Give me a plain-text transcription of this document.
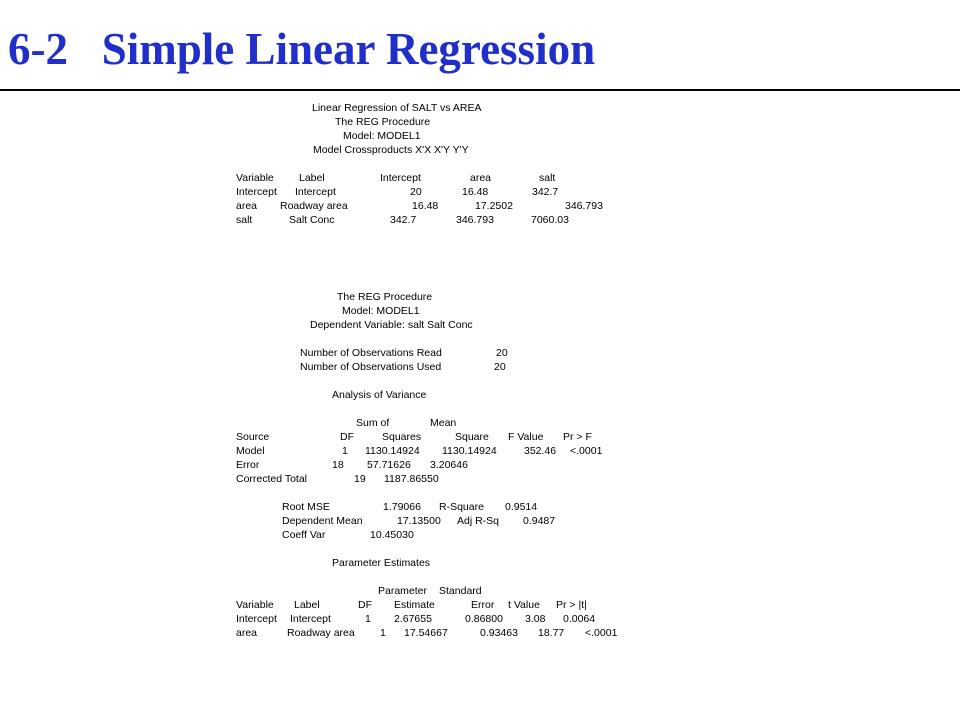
6-2 Simple Linear Regression
Linear Regression of SALT vs AREA
The REG Procedure
Model: MODEL1
Model Crossproducts X'X X'Y Y'Y
Variable Label	Intercept	area	salt
Intercept Intercept	20	16.48	342.7
area Roadway area	16.48	17.2502	346.793
salt	Salt Conc	342.7	346.793	7060.03
The REG Procedure
Model: MODEL1
Dependent Variable: salt Salt Conc
Number of Observations Read	20
Number of Observations Used	20
Analysis of Variance
Sum of	Mean
Source	DF	Squares	Square F Value Pr > F
Model	1 1130.14924 1130.14924	352.46 <.0001
Error	18 57.71626 3.20646
Corrected Total	19 1187.86550
Root MSE	1.79066 R-Square 0.9514
Dependent Mean	17.13500 Adj R-Sq 0.9487
Coeff Var	10.45030
Parameter Estimates
Parameter Standard
Variable Label	DF Estimate	Error t Value Pr > |t|
Intercept Intercept	1 2.67655	0.86800 3.08 0.0064
area	Roadway area 1 17.54667	0.93463 18.77 <.0001
